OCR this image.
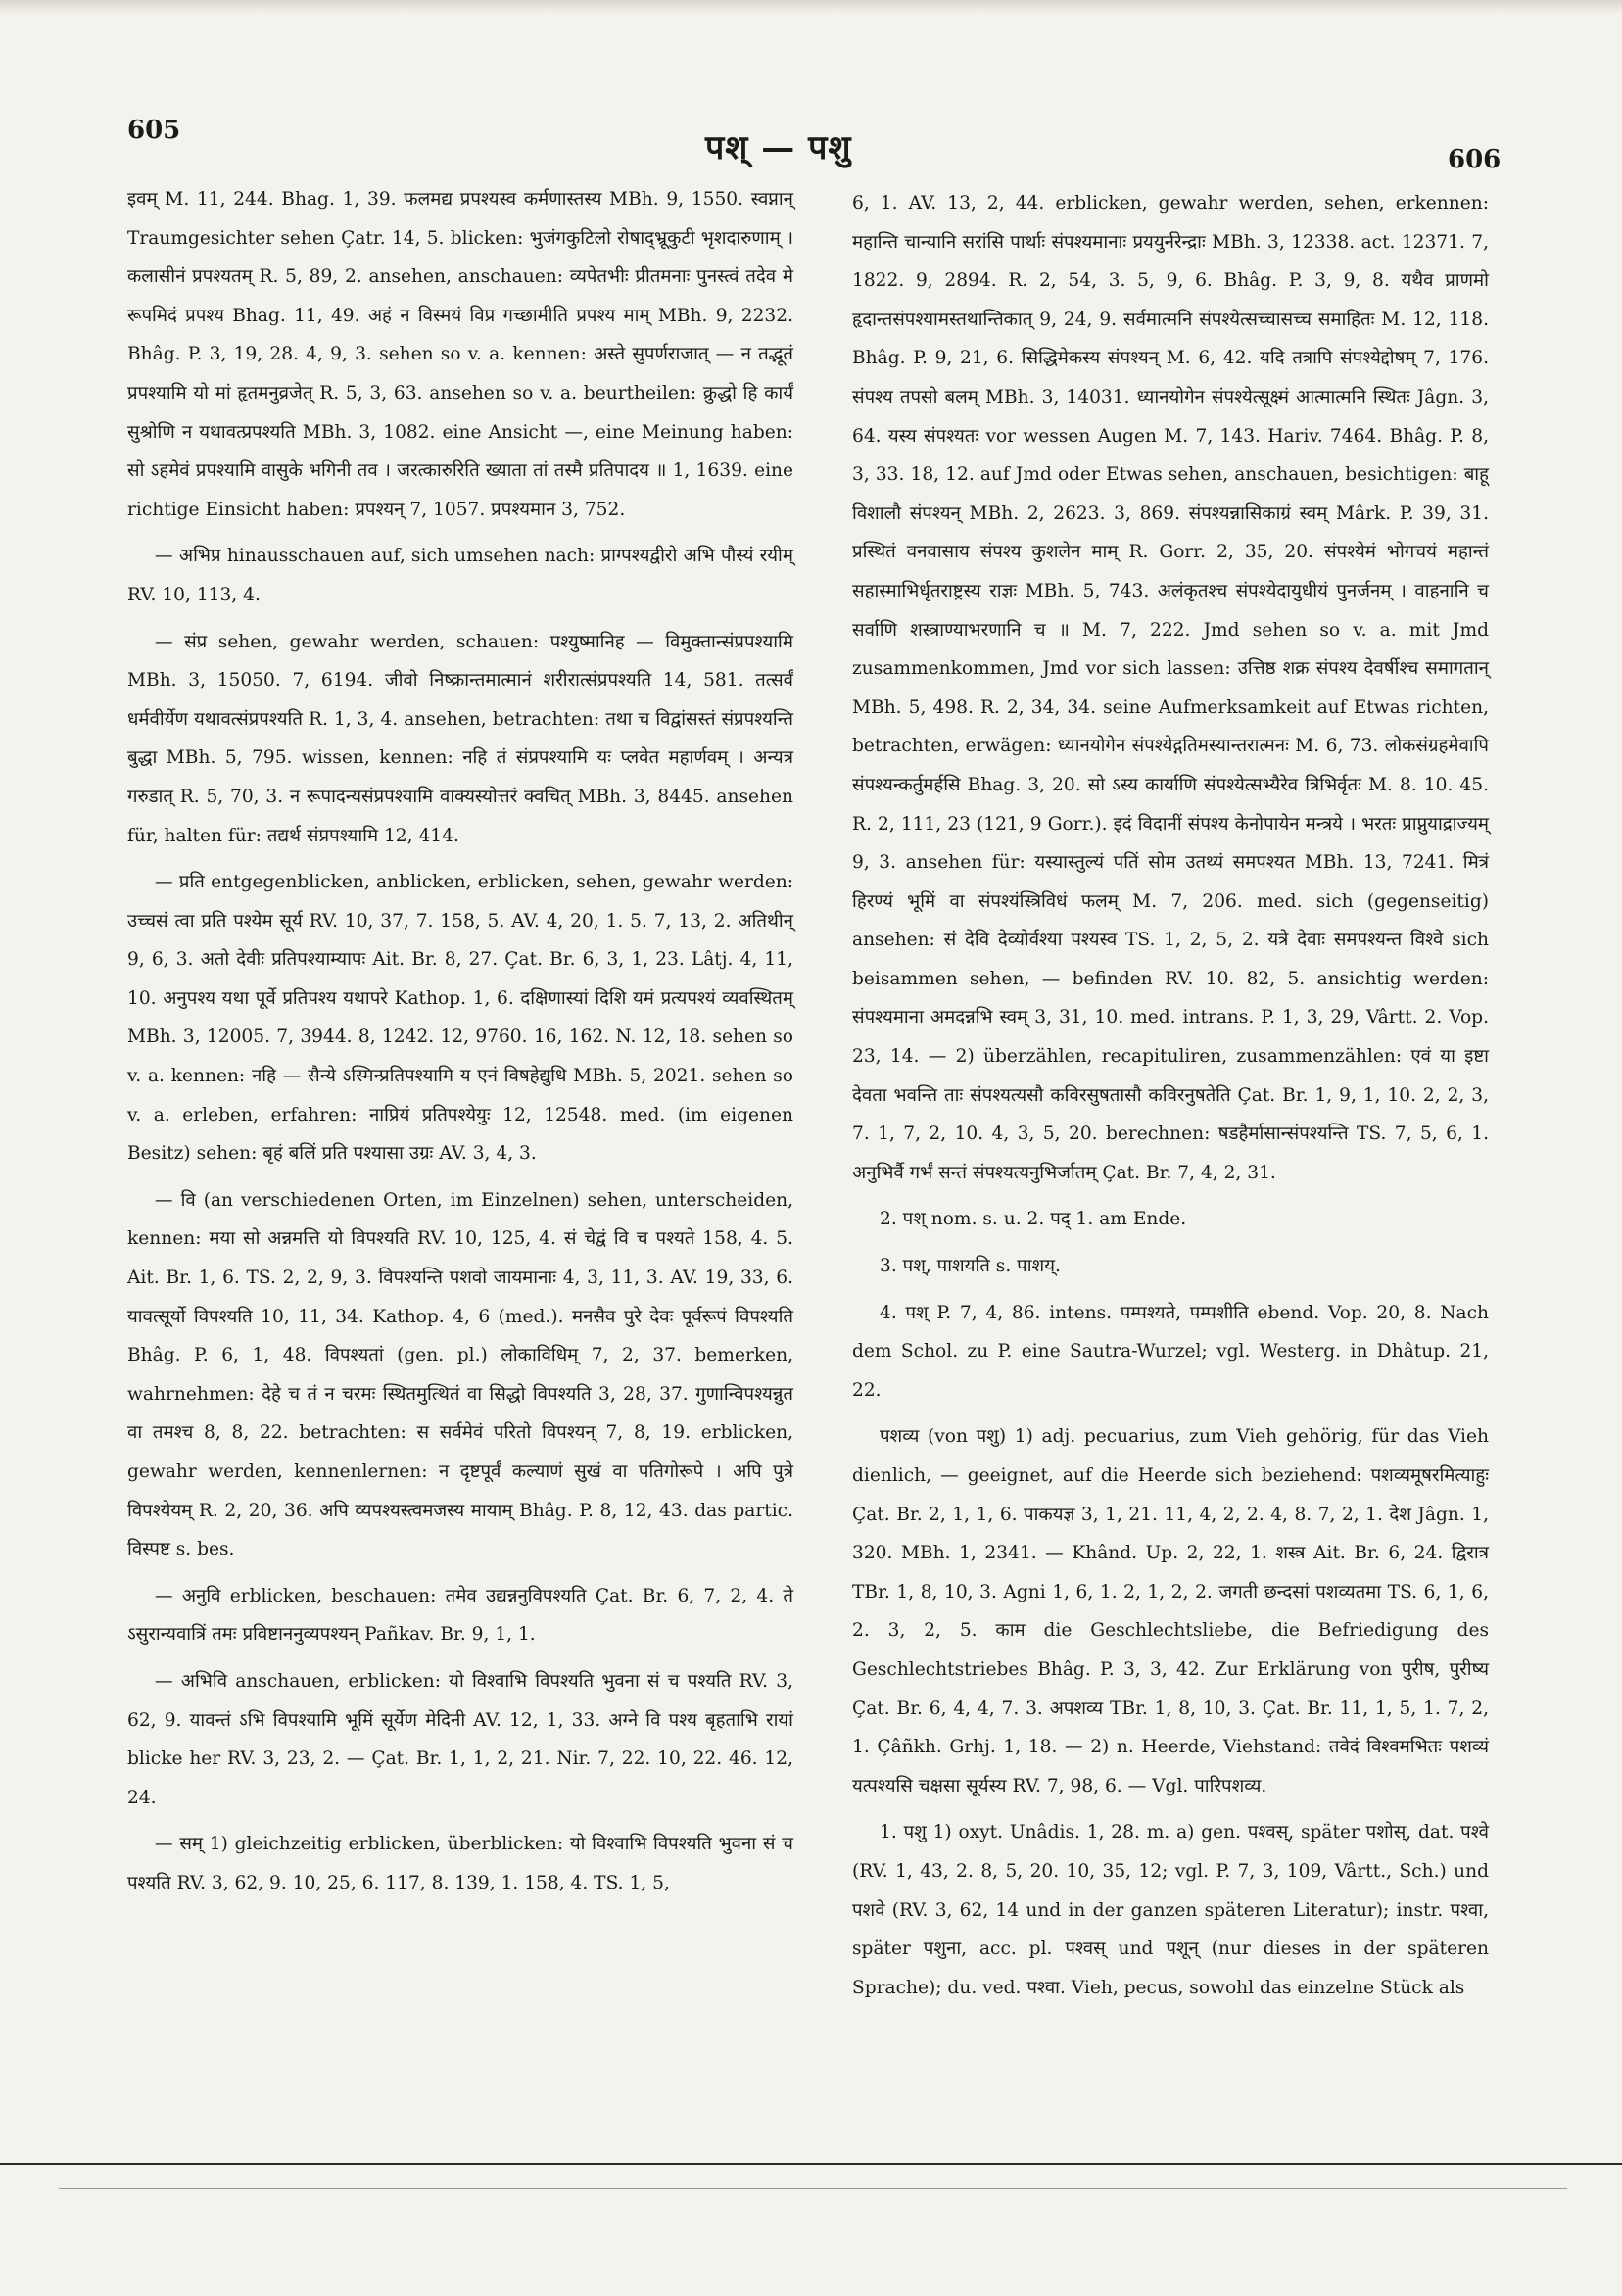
605	पश् — पशु	606

इवम् M. 11, 244. Bhag. 1, 39. फलमद्य प्रपश्यस्व कर्मणास्तस्य MBh. 9, 1550. स्वप्नान् Traumgesichter sehen Çatr. 14, 5. blicken: भुजंगकुटिलो रोषाद्भ्रूकुटी भृशदारुणाम् । कलासीनं प्रपश्यतम् R. 5, 89, 2. ansehen, anschauen: व्यपेतभीः प्रीतमनाः पुनस्त्वं तदेव मे रूपमिदं प्रपश्य Bhag. 11, 49. अहं न विस्मयं विप्र गच्छामीति प्रपश्य माम् MBh. 9, 2232. Bhâg. P. 3, 19, 28. 4, 9, 3. sehen so v. a. kennen: अस्ते सुपर्णराजात् — न तद्भूतं प्रपश्यामि यो मां हृतमनुव्रजेत् R. 5, 3, 63. ansehen so v. a. beurtheilen: क्रुद्धो हि कार्यं सुश्रोणि न यथावत्प्रपश्यति MBh. 3, 1082. eine Ansicht —, eine Meinung haben: सो ऽहमेवं प्रपश्यामि वासुके भगिनी तव । जरत्कारुरिति ख्याता तां तस्मै प्रतिपादय ॥ 1, 1639. eine richtige Einsicht haben: प्रपश्यन् 7, 1057. प्रपश्यमान 3, 752.

— अभिप्र hinausschauen auf, sich umsehen nach: प्राग्पश्यद्वीरो अभि पौस्यं रयीम् RV. 10, 113, 4.

— संप्र sehen, gewahr werden, schauen: पश्युष्मानिह — विमुक्तान्संप्रपश्यामि MBh. 3, 15050. 7, 6194. जीवो निष्क्रान्तमात्मानं शरीरात्संप्रपश्यति 14, 581. तत्सर्वं धर्मवीर्येण यथावत्संप्रपश्यति R. 1, 3, 4. ansehen, betrachten: तथा च विद्वांसस्तं संप्रपश्यन्ति बुद्धा MBh. 5, 795. wissen, kennen: नहि तं संप्रपश्यामि यः प्लवेत महार्णवम् । अन्यत्र गरुडात् R. 5, 70, 3. न रूपादन्यसंप्रपश्यामि वाक्यस्योत्तरं क्वचित् MBh. 3, 8445. ansehen für, halten für: तद्यर्थ संप्रपश्यामि 12, 414.

— प्रति entgegenblicken, anblicken, erblicken, sehen, gewahr werden: उच्चसं त्वा प्रति पश्येम सूर्य RV. 10, 37, 7. 158, 5. AV. 4, 20, 1. 5. 7, 13, 2. अतिथीन् 9, 6, 3. अतो देवीः प्रतिपश्याम्यापः Ait. Br. 8, 27. Çat. Br. 6, 3, 1, 23. Lâtj. 4, 11, 10. अनुपश्य यथा पूर्वे प्रतिपश्य यथापरे Kathop. 1, 6. दक्षिणास्यां दिशि यमं प्रत्यपश्यं व्यवस्थितम् MBh. 3, 12005. 7, 3944. 8, 1242. 12, 9760. 16, 162. N. 12, 18. sehen so v. a. kennen: नहि — सैन्ये ऽस्मिन्प्रतिपश्यामि य एनं विषहेद्युधि MBh. 5, 2021. sehen so v. a. erleben, erfahren: नाप्रियं प्रतिपश्येयुः 12, 12548. med. (im eigenen Besitz) sehen: बृहं बलिं प्रति पश्यासा उग्रः AV. 3, 4, 3.

— वि (an verschiedenen Orten, im Einzelnen) sehen, unterscheiden, kennen: मया सो अन्नमत्ति यो विपश्यति RV. 10, 125, 4. सं चेद्वं वि च पश्यते 158, 4. 5. Ait. Br. 1, 6. TS. 2, 2, 9, 3. विपश्यन्ति पशवो जायमानाः 4, 3, 11, 3. AV. 19, 33, 6. यावत्सूर्यो विपश्यति 10, 11, 34. Kathop. 4, 6 (med.). मनसैव पुरे देवः पूर्वरूपं विपश्यति Bhâg. P. 6, 1, 48. विपश्यतां (gen. pl.) लोकाविधिम् 7, 2, 37. bemerken, wahrnehmen: देहे च तं न चरमः स्थितमुत्थितं वा सिद्धो विपश्यति 3, 28, 37. गुणान्विपश्यन्नुत वा तमश्च 8, 8, 22. betrachten: स सर्वमेवं परितो विपश्यन् 7, 8, 19. erblicken, gewahr werden, kennenlernen: न दृष्टपूर्वं कल्याणं सुखं वा पतिगोरूपे । अपि पुत्रे विपश्येयम् R. 2, 20, 36. अपि व्यपश्यस्त्वमजस्य मायाम् Bhâg. P. 8, 12, 43. das partic. विस्पष्ट s. bes.

— अनुवि erblicken, beschauen: तमेव उद्यन्ननुविपश्यति Çat. Br. 6, 7, 2, 4. ते ऽसुरान्यवात्रिं तमः प्रविष्टाननुव्यपश्यन् Pañkav. Br. 9, 1, 1.

— अभिवि anschauen, erblicken: यो विश्वाभि विपश्यति भुवना सं च पश्यति RV. 3, 62, 9. यावन्तं ऽभि विपश्यामि भूमिं सूर्येण मेदिनी AV. 12, 1, 33. अग्ने वि पश्य बृहताभि रायां blicke her RV. 3, 23, 2. — Çat. Br. 1, 1, 2, 21. Nir. 7, 22. 10, 22. 46. 12, 24.

— सम् 1) gleichzeitig erblicken, überblicken: यो विश्वाभि विपश्यति भुवना सं च पश्यति RV. 3, 62, 9. 10, 25, 6. 117, 8. 139, 1. 158, 4. TS. 1, 5,

6, 1. AV. 13, 2, 44. erblicken, gewahr werden, sehen, erkennen: महान्ति चान्यानि सरांसि पार्थाः संपश्यमानाः प्रययुर्नरेन्द्राः MBh. 3, 12338. act. 12371. 7, 1822. 9, 2894. R. 2, 54, 3. 5, 9, 6. Bhâg. P. 3, 9, 8. यथैव प्राणमो हृदान्तसंपश्यामस्तथान्तिकात् 9, 24, 9. सर्वमात्मनि संपश्येत्सच्चासच्च समाहितः M. 12, 118. Bhâg. P. 9, 21, 6. सिद्धिमेकस्य संपश्यन् M. 6, 42. यदि तत्रापि संपश्येद्दोषम् 7, 176. संपश्य तपसो बलम् MBh. 3, 14031. ध्यानयोगेन संपश्येत्सूक्ष्मं आत्मात्मनि स्थितः Jâgn. 3, 64. यस्य संपश्यतः vor wessen Augen M. 7, 143. Hariv. 7464. Bhâg. P. 8, 3, 33. 18, 12. auf Jmd oder Etwas sehen, anschauen, besichtigen: बाहू विशालौ संपश्यन् MBh. 2, 2623. 3, 869. संपश्यन्नासिकाग्रं स्वम् Mârk. P. 39, 31. प्रस्थितं वनवासाय संपश्य कुशलेन माम् R. Gorr. 2, 35, 20. संपश्येमं भोगचयं महान्तं सहास्माभिर्धृतराष्ट्रस्य राज्ञः MBh. 5, 743. अलंकृतश्च संपश्येदायुधीयं पुनर्जनम् । वाहनानि च सर्वाणि शस्त्राण्याभरणानि च ॥ M. 7, 222. Jmd sehen so v. a. mit Jmd zusammenkommen, Jmd vor sich lassen: उत्तिष्ठ शक्र संपश्य देवर्षीश्च समागतान् MBh. 5, 498. R. 2, 34, 34. seine Aufmerksamkeit auf Etwas richten, betrachten, erwägen: ध्यानयोगेन संपश्येद्गतिमस्यान्तरात्मनः M. 6, 73. लोकसंग्रहमेवापि संपश्यन्कर्तुमर्हसि Bhag. 3, 20. सो ऽस्य कार्याणि संपश्येत्सभ्यैरेव त्रिभिर्वृतः M. 8. 10. 45. R. 2, 111, 23 (121, 9 Gorr.). इदं विदानीं संपश्य केनोपायेन मन्त्रये । भरतः प्राप्नुयाद्राज्यम् 9, 3. ansehen für: यस्यास्तुल्यं पतिं सोम उतथ्यं समपश्यत MBh. 13, 7241. मित्रं हिरण्यं भूमिं वा संपश्यंस्त्रिविधं फलम् M. 7, 206. med. sich (gegenseitig) ansehen: सं देवि देव्योर्वश्या पश्यस्व TS. 1, 2, 5, 2. यत्रे देवाः समपश्यन्त विश्वे sich beisammen sehen, — befinden RV. 10. 82, 5. ansichtig werden: संपश्यमाना अमदन्नभि स्वम् 3, 31, 10. med. intrans. P. 1, 3, 29, Vârtt. 2. Vop. 23, 14. — 2) überzählen, recapituliren, zusammenzählen: एवं या इष्टा देवता भवन्ति ताः संपश्यत्यसौ कविरसुषतासौ कविरनुषतेति Çat. Br. 1, 9, 1, 10. 2, 2, 3, 7. 1, 7, 2, 10. 4, 3, 5, 20. berechnen: षडहैर्मासान्संपश्यन्ति TS. 7, 5, 6, 1. अनुभिर्वै गर्भं सन्तं संपश्यत्यनुभिर्जातम् Çat. Br. 7, 4, 2, 31.

2. पश् nom. s. u. 2. पद् 1. am Ende.

3. पश्, पाशयति s. पाशय्.

4. पश् P. 7, 4, 86. intens. पम्पश्यते, पम्पशीति ebend. Vop. 20, 8. Nach dem Schol. zu P. eine Sautra-Wurzel; vgl. Westerg. in Dhâtup. 21, 22.

पशव्य (von पशु) 1) adj. pecuarius, zum Vieh gehörig, für das Vieh dienlich, — geeignet, auf die Heerde sich beziehend: पशव्यमूषरमित्याहुः Çat. Br. 2, 1, 1, 6. पाकयज्ञ 3, 1, 21. 11, 4, 2, 2. 4, 8. 7, 2, 1. देश Jâgn. 1, 320. MBh. 1, 2341. — Khând. Up. 2, 22, 1. शस्त्र Ait. Br. 6, 24. द्विरात्र TBr. 1, 8, 10, 3. Agni 1, 6, 1. 2, 1, 2, 2. जगती छन्दसां पशव्यतमा TS. 6, 1, 6, 2. 3, 2, 5. काम die Geschlechtsliebe, die Befriedigung des Geschlechtstriebes Bhâg. P. 3, 3, 42. Zur Erklärung von पुरीष, पुरीष्य Çat. Br. 6, 4, 4, 7. 3. अपशव्य TBr. 1, 8, 10, 3. Çat. Br. 11, 1, 5, 1. 7, 2, 1. Çâñkh. Grhj. 1, 18. — 2) n. Heerde, Viehstand: तवेदं विश्वमभितः पशव्यं यत्पश्यसि चक्षसा सूर्यस्य RV. 7, 98, 6. — Vgl. पारिपशव्य.

1. पशु 1) oxyt. Unâdis. 1, 28. m. a) gen. पश्वस्, später पशोस्, dat. पश्वे (RV. 1, 43, 2. 8, 5, 20. 10, 35, 12; vgl. P. 7, 3, 109, Vârtt., Sch.) und पशवे (RV. 3, 62, 14 und in der ganzen späteren Literatur); instr. पश्वा, später पशुना, acc. pl. पश्वस् und पशून् (nur dieses in der späteren Sprache); du. ved. पश्वा. Vieh, pecus, sowohl das einzelne Stück als
